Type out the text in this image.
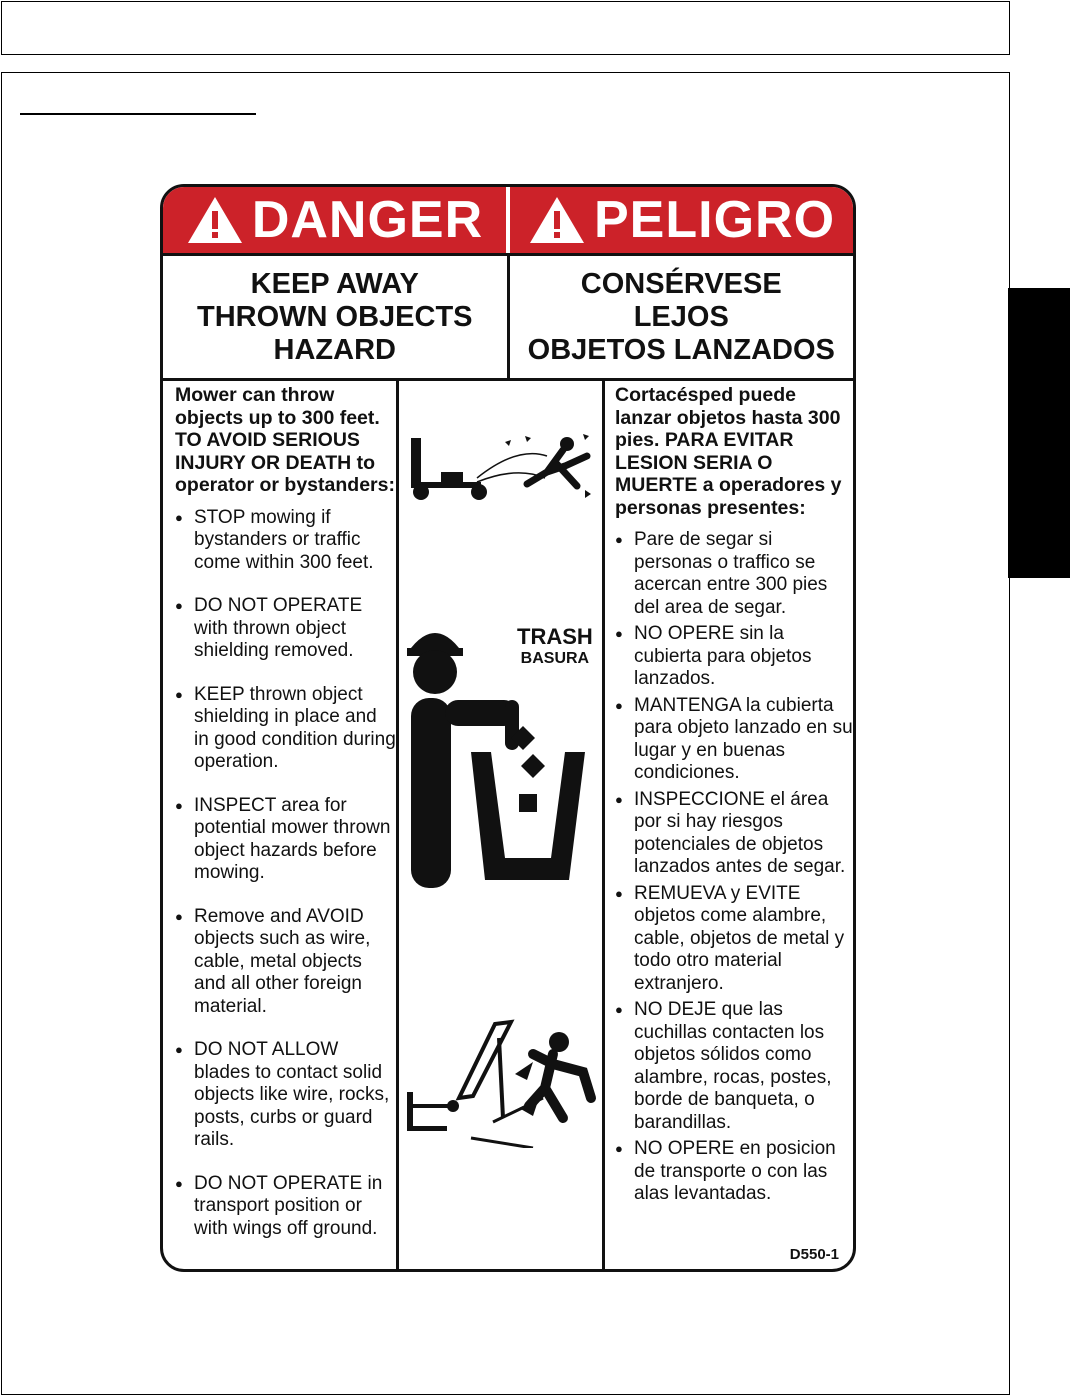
DANGER PELIGRO
KEEP AWAY
THROWN OBJECTS
HAZARD
CONSÉRVESE
LEJOS
OBJETOS LANZADOS
Mower can throw objects up to 300 feet. TO AVOID SERIOUS INJURY OR DEATH to operator or bystanders:
● STOP mowing if bystanders or traffic come within 300 feet.
● DO NOT OPERATE with thrown object shielding removed.
● KEEP thrown object shielding in place and in good condition during operation.
● INSPECT area for potential mower thrown object hazards before mowing.
● Remove and AVOID objects such as wire, cable, metal objects and all other foreign material.
● DO NOT ALLOW blades to contact solid objects like wire, rocks, posts, curbs or guard rails.
● DO NOT OPERATE in transport position or with wings off ground.
TRASH
BASURA
Cortacésped puede lanzar objetos hasta 300 pies. PARA EVITAR LESION SERIA O MUERTE a operadores y personas presentes:
● Pare de segar si personas o traffico se acercan entre 300 pies del area de segar.
● NO OPERE sin la cubierta para objetos lanzados.
● MANTENGA la cubierta para objeto lanzado en su lugar y en buenas condiciones.
● INSPECCIONE el área por si hay riesgos potenciales de objetos lanzados antes de segar.
● REMUEVA y EVITE objetos come alambre, cable, objetos de metal y todo otro material extranjero.
● NO DEJE que las cuchillas contacten los objetos sólidos como alambre, rocas, postes, borde de banqueta, o barandillas.
● NO OPERE en posicion de transporte o con las alas levantadas.
D550-1
